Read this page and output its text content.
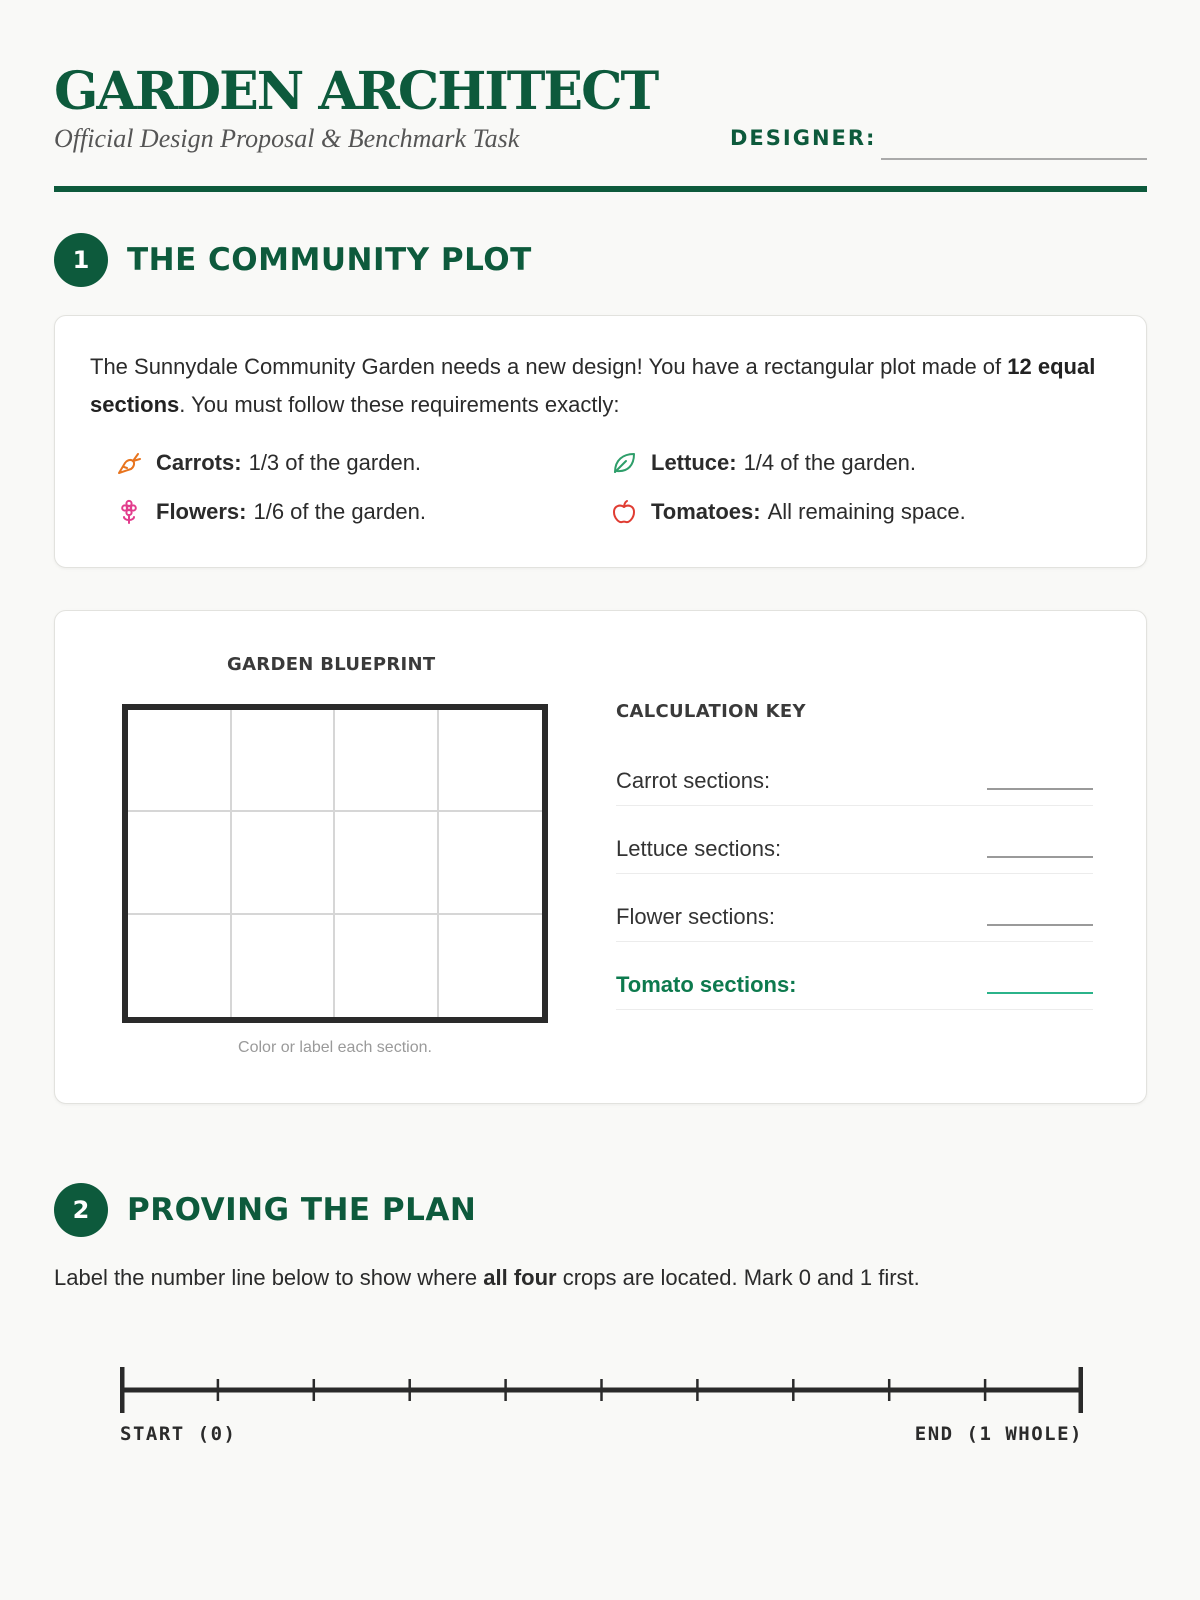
GARDEN ARCHITECT
Official Design Proposal & Benchmark Task	DESIGNER:
1	THE COMMUNITY PLOT

The Sunnydale Community Garden needs a new design! You have a rectangular plot made of 12 equal sections. You must follow these requirements exactly:

Carrots: 1/3 of the garden.	Lettuce: 1/4 of the garden.
Flowers: 1/6 of the garden.	Tomatoes: All remaining space.
GARDEN BLUEPRINT
Color or label each section.
CALCULATION KEY
Carrot sections:
Lettuce sections:
Flower sections:
Tomato sections:
2	PROVING THE PLAN
Label the number line below to show where all four crops are located. Mark 0 and 1 first.
START (0)	END (1 WHOLE)
